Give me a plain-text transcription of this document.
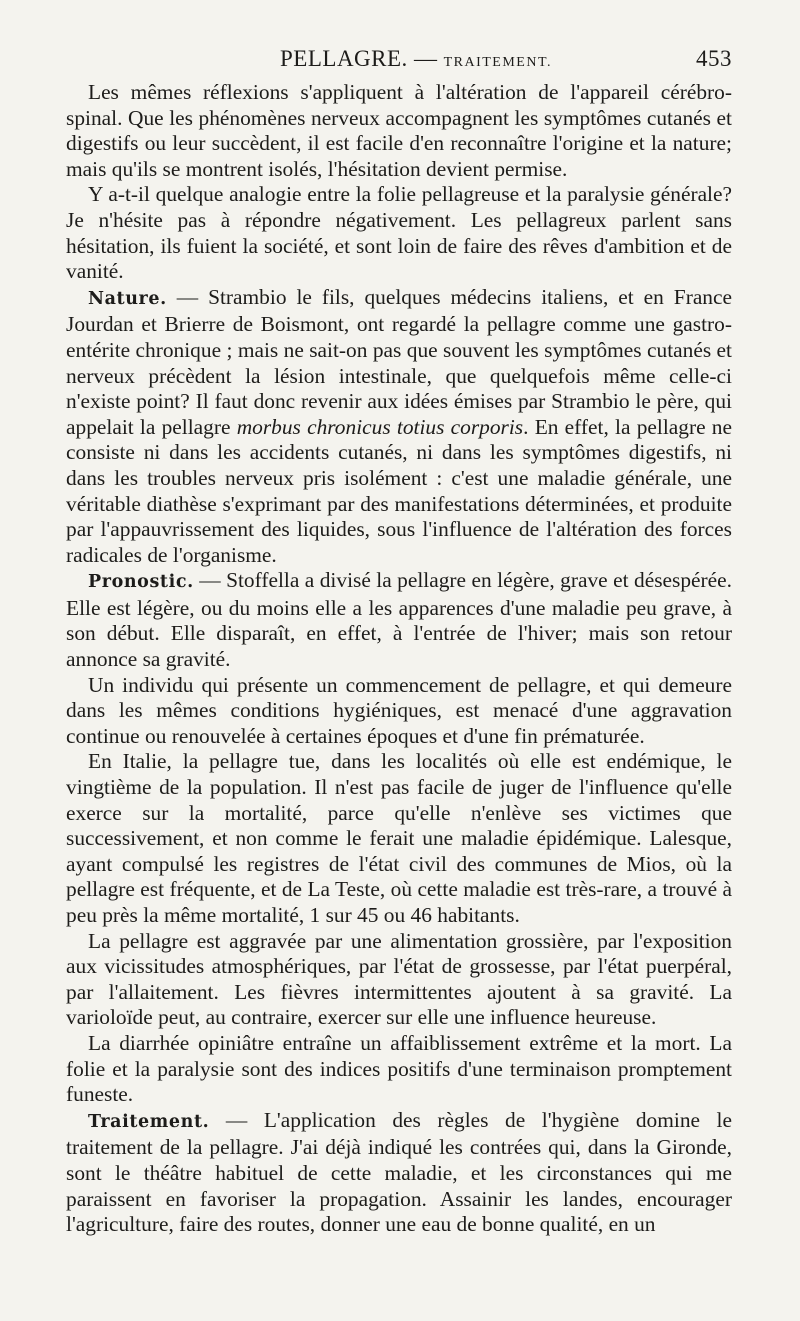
PELLAGRE. — TRAITEMENT.	453

Les mêmes réflexions s'appliquent à l'altération de l'appareil cérébro-spinal. Que les phénomènes nerveux accompagnent les symptômes cutanés et digestifs ou leur succèdent, il est facile d'en reconnaître l'origine et la nature; mais qu'ils se montrent isolés, l'hésitation devient permise.

Y a-t-il quelque analogie entre la folie pellagreuse et la paralysie générale? Je n'hésite pas à répondre négativement. Les pellagreux parlent sans hésitation, ils fuient la société, et sont loin de faire des rêves d'ambition et de vanité.

Nature. — Strambio le fils, quelques médecins italiens, et en France Jourdan et Brierre de Boismont, ont regardé la pellagre comme une gastro-entérite chronique ; mais ne sait-on pas que souvent les symptômes cutanés et nerveux précèdent la lésion intestinale, que quelquefois même celle-ci n'existe point? Il faut donc revenir aux idées émises par Strambio le père, qui appelait la pellagre morbus chronicus totius corporis. En effet, la pellagre ne consiste ni dans les accidents cutanés, ni dans les symptômes digestifs, ni dans les troubles nerveux pris isolément : c'est une maladie générale, une véritable diathèse s'exprimant par des manifestations déterminées, et produite par l'appauvrissement des liquides, sous l'influence de l'altération des forces radicales de l'organisme.

Pronostic. — Stoffella a divisé la pellagre en légère, grave et désespérée. Elle est légère, ou du moins elle a les apparences d'une maladie peu grave, à son début. Elle disparaît, en effet, à l'entrée de l'hiver; mais son retour annonce sa gravité.

Un individu qui présente un commencement de pellagre, et qui demeure dans les mêmes conditions hygiéniques, est menacé d'une aggravation continue ou renouvelée à certaines époques et d'une fin prématurée.

En Italie, la pellagre tue, dans les localités où elle est endémique, le vingtième de la population. Il n'est pas facile de juger de l'influence qu'elle exerce sur la mortalité, parce qu'elle n'enlève ses victimes que successivement, et non comme le ferait une maladie épidémique. Lalesque, ayant compulsé les registres de l'état civil des communes de Mios, où la pellagre est fréquente, et de La Teste, où cette maladie est très-rare, a trouvé à peu près la même mortalité, 1 sur 45 ou 46 habitants.

La pellagre est aggravée par une alimentation grossière, par l'exposition aux vicissitudes atmosphériques, par l'état de grossesse, par l'état puerpéral, par l'allaitement. Les fièvres intermittentes ajoutent à sa gravité. La varioloïde peut, au contraire, exercer sur elle une influence heureuse.

La diarrhée opiniâtre entraîne un affaiblissement extrême et la mort. La folie et la paralysie sont des indices positifs d'une terminaison promptement funeste.

Traitement. — L'application des règles de l'hygiène domine le traitement de la pellagre. J'ai déjà indiqué les contrées qui, dans la Gironde, sont le théâtre habituel de cette maladie, et les circonstances qui me paraissent en favoriser la propagation. Assainir les landes, encourager l'agriculture, faire des routes, donner une eau de bonne qualité, en un
